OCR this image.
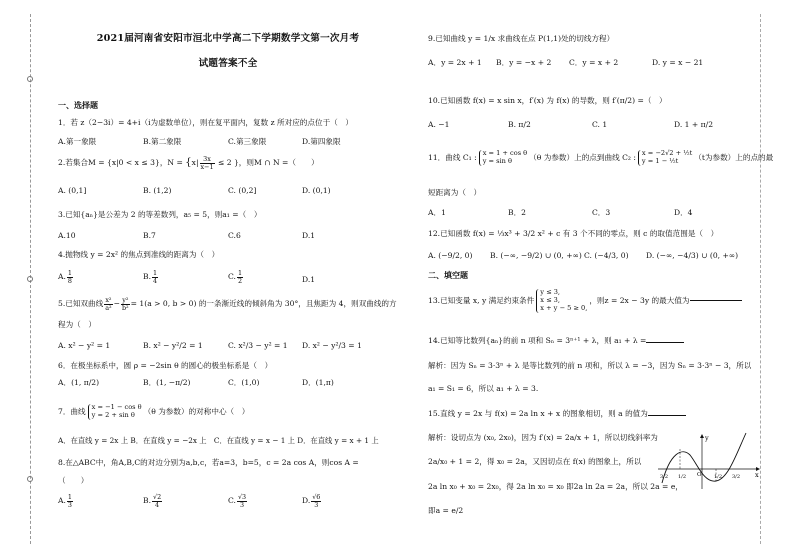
2021届河南省安阳市洹北中学高二下学期数学文第一次月考
试题答案不全
一、选择题
1．若 z（2−3i）= 4+i（i为虚数单位），则在复平面内，复数 z 所对应的点位于（　）
A.第一象限	B.第二象限	C.第三象限	D.第四象限
2.若集合M = {x|0 < x ≤ 3}，$N = \{x| \frac{3x}{x-1} \le 2$ }，则M ∩ N =（　　）
A. (0,1]	B. (1,2)	C. (0,2]	D. (0,1)
3.已知{aₙ}是公差为 2 的等差数列，a₅ = 5，则a₁ =（　）
A.10	B.7	C.6	D.1
4.抛物线 y = 2x² 的焦点到准线的距离为（　）
A. $\frac{1}{8}$	B. $\frac{1}{4}$	C. $\frac{1}{2}$	D.1
5.已知双曲线 $\frac{\text{x²}}{\text{a²}} - \frac{\text{y²}}{\text{b²}} = 1(a > 0$, b > 0) 的一条渐近线的倾斜角为 30°，且焦距为 4，则双曲线的方
程为（　）
A. x² − y² = 1	B. x² − y²/2 = 1	C. x²/3 − y² = 1 D. x² − y²/3 = 1
6．在极坐标系中，圆 ρ = −2sin θ 的圆心的极坐标系是（　）
A．(1, π/2)	B．(1, −π/2)	C．(1,0)	D．(1,π)
7．曲线 x = −1 − cos θ
y = 2 + sin θ	（θ 为参数）的对称中心（　）
A．在直线 y = 2x 上 B．在直线 y = −2x 上　C．在直线 y = x − 1 上 D．在直线 y = x + 1 上
8.在△ABC中，角A,B,C的对边分别为a,b,c，若a=3，b=5，c = 2a cos A，则cos A =
（　　）
A. $\frac{1}{3}$	B. $\frac{√2}{4}$	C. $\frac{√3}{3}$	D. $\frac{√6}{3}$
9.已知曲线 y = 1/x 求曲线在点 P(1,1)处的切线方程）
A．y = 2x + 1 B．y = −x + 2 C．y = x + 2	D. y = x − 21
10.已知函数 f(x) = x sin x，f′(x) 为 f(x) 的导数，则 f′(π/2) =（　）
A. −1	B. π/2	C. 1	D. 1 + π/2
11．曲线 C₁ : x = 1 + cos θ
y = sin θ	（θ 为参数）上的点到曲线 C₂ : x = −2√2 + ½t
y = 1 − ½t	（t为参数）上的点的最
短距离为（　）
A．1	B．2	C．3	D．4
12.已知函数 f(x) = ⅓x³ + 3/2 x² + c 有 3 个不同的零点，则 c 的取值范围是（　）
A. (−9/2, 0) B. (−∞, −9/2) ∪ (0, +∞) C. (−4/3, 0) D. (−∞, −4/3) ∪ (0, +∞)
二、填空题
13.已知变量 x, y 满足约束条件
y ≤ 3,
x ≤ 3,
x + y − 5 ≥ 0,
，则z = 2x − 3y 的最大值为
14.已知等比数列{aₙ}的前 n 项和 Sₙ = 3ⁿ⁺¹ + λ，则 a₁ + λ =
解析：因为 Sₙ = 3·3ⁿ + λ 是等比数列的前 n 项和，所以 λ = −3，因为 Sₙ = 3·3ⁿ − 3，所以
a₁ = S₁ = 6，所以 a₁ + λ = 3.
15.直线 y = 2x 与 f(x) = 2a ln x + x 的图象相切，则 a 的值为
解析：设切点为 (x₀, 2x₀)，因为 f′(x) = 2a/x + 1，所以切线斜率为
2a/x₀ + 1 = 2，得 x₀ = 2a，又因切点在 f(x) 的图象上，所以
2a ln x₀ + x₀ = 2x₀，得 2a ln x₀ = x₀ 即2a ln 2a = 2a，所以 2a = e，
即a = e/2
y
x
O
3/2 1/2	1/2 3/2
